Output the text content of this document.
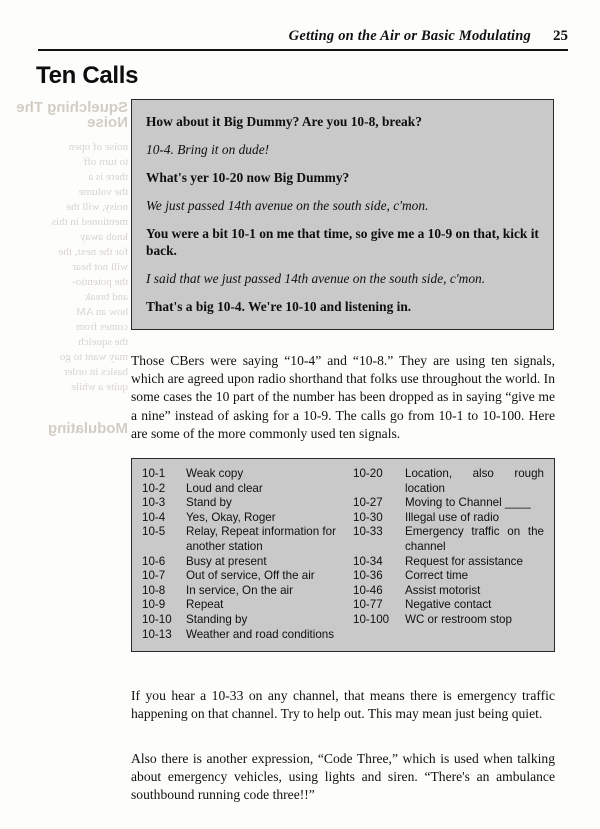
Squelching The Noise
noise of open
to turn off
there is a
the volume
noisy, will the
mentioned in this
knob away
for the next, the
will not hear
the potentio-
and break
how an AM
comes from
the squelch
may want to go
basics in order
quite a while
Modulating
Getting on the Air or Basic Modulating 25
Ten Calls
How about it Big Dummy? Are you 10-8, break?
10-4. Bring it on dude!
What's yer 10-20 now Big Dummy?
We just passed 14th avenue on the south side, c'mon.
You were a bit 10-1 on me that time, so give me a 10-9 on that, kick it back.
I said that we just passed 14th avenue on the south side, c'mon.
That's a big 10-4. We're 10-10 and listening in.

Those CBers were saying “10-4” and “10-8.” They are using ten signals, which are agreed upon radio shorthand that folks use throughout the world. In some cases the 10 part of the number has been dropped as in saying “give me a nine” instead of asking for a 10-9. The calls go from 10-1 to 10-100. Here are some of the more commonly used ten signals.

10-1	Weak copy
10-2	Loud and clear
10-3	Stand by
10-4	Yes, Okay, Roger
10-5	Relay, Repeat information for another station
10-6	Busy at present
10-7	Out of service, Off the air
10-8	In service, On the air
10-9	Repeat
10-10	Standing by
10-13	Weather and road conditions
10-20	Location, also rough location
10-27	Moving to Channel ____
10-30	Illegal use of radio
10-33	Emergency traffic on the channel
10-34	Request for assistance
10-36	Correct time
10-46	Assist motorist
10-77	Negative contact
10-100	WC or restroom stop

If you hear a 10-33 on any channel, that means there is emergency traffic happening on that channel. Try to help out. This may mean just being quiet.

Also there is another expression, “Code Three,” which is used when talking about emergency vehicles, using lights and siren. “There's an ambulance southbound running code three!!”
